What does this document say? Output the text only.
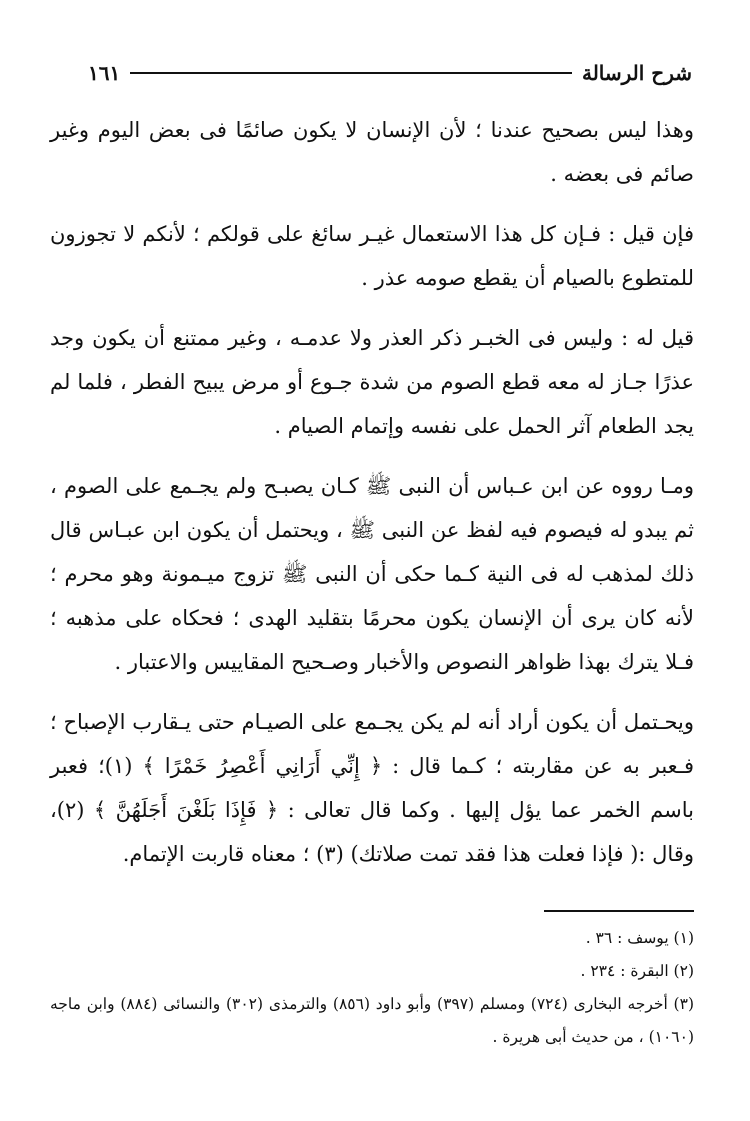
شرح الرسالة
١٦١

وهذا ليس بصحيح عندنا ؛ لأن الإنسان لا يكون صائمًا فى بعض اليوم وغير صائم فى بعضه .

فإن قيل : فـإن كل هذا الاستعمال غيـر سائغ على قولكم ؛ لأنكم لا تجوزون للمتطوع بالصيام أن يقطع صومه عذر .

قيل له : وليس فى الخبـر ذكر العذر ولا عدمـه ، وغير ممتنع أن يكون وجد عذرًا جـاز له معه قطع الصوم من شدة جـوع أو مرض يبيح الفطر ، فلما لم يجد الطعام آثر الحمل على نفسه وإتمام الصيام .

ومـا رووه عن ابن عـباس أن النبى ﷺ كـان يصبـح ولم يجـمع على الصوم ، ثم يبدو له فيصوم فيه لفظ عن النبى ﷺ ، ويحتمل أن يكون ابن عبـاس قال ذلك لمذهب له فى النية كـما حكى أن النبى ﷺ تزوج ميـمونة وهو محرم ؛ لأنه كان يرى أن الإنسان يكون محرمًا بتقليد الهدى ؛ فحكاه على مذهبه ؛ فـلا يترك بهذا ظواهر النصوص والأخبار وصـحيح المقاييس والاعتبار .

ويحـتمل أن يكون أراد أنه لم يكن يجـمع على الصيـام حتى يـقارب الإصباح ؛ فـعبر به عن مقاربته ؛ كـما قال : ﴿ إِنِّي أَرَانِي أَعْصِرُ خَمْرًا ﴾ (١)؛ فعبر باسم الخمر عما يؤل إليها . وكما قال تعالى : ﴿ فَإِذَا بَلَغْنَ أَجَلَهُنَّ ﴾ (٢)، وقال :( فإذا فعلت هذا فقد تمت صلاتك) (٣) ؛ معناه قاربت الإتمام.

(١) يوسف : ٣٦ .

(٢) البقرة : ٢٣٤ .

(٣) أخرجه البخارى (٧٢٤) ومسلم (٣٩٧) وأبو داود (٨٥٦) والترمذى (٣٠٢) والنسائى (٨٨٤) وابن ماجه (١٠٦٠) ، من حديث أبى هريرة .
